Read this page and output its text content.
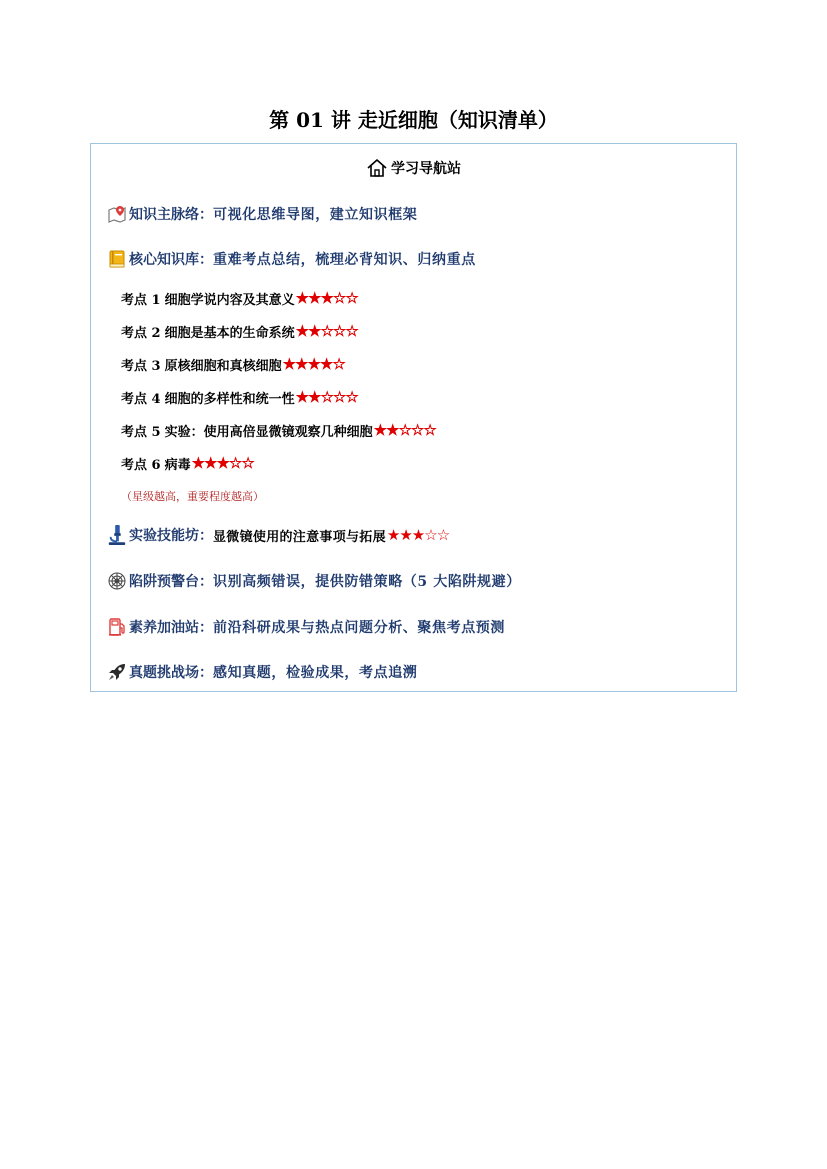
第 01 讲 走近细胞（知识清单）
学习导航站
知识主脉络 ： 可视化思维导图，建立知识框架
核心知识库 ： 重难考点总结，梳理必背知识、归纳重点
考点 1 细胞学说内容及其意义 ★★★☆☆
考点 2 细胞是基本的生命系统 ★★☆☆☆
考点 3 原核细胞和真核细胞 ★★★★☆
考点 4 细胞的多样性和统一性 ★★☆☆☆
考点 5 实验：使用高倍显微镜观察几种细胞 ★★☆☆☆
考点 6 病毒 ★★★☆☆
（星级越高，重要程度越高）
实验技能坊 ： 显微镜使用的注意事项与拓展 ★★★☆☆
陷阱预警台 ： 识别高频错误，提供防错策略（5 大陷阱规避）
素养加油站 ： 前沿科研成果与热点问题分析、聚焦考点预测
真题挑战场 ： 感知真题，检验成果，考点追溯
